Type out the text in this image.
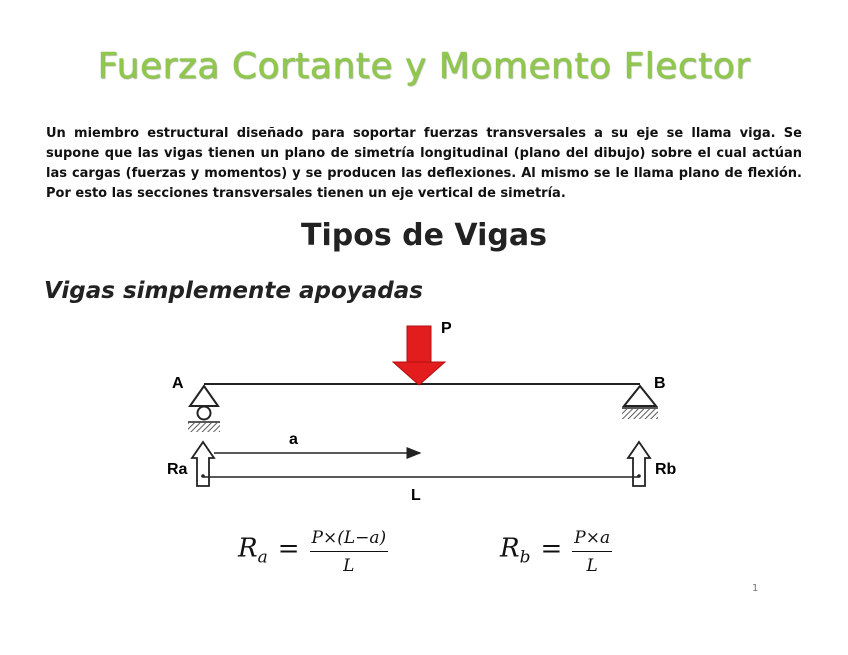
Fuerza Cortante y Momento Flector
Un miembro estructural diseñado para soportar fuerzas transversales a su eje se llama viga. Se supone que las vigas tienen un plano de simetría longitudinal (plano del dibujo) sobre el cual actúan las cargas (fuerzas y momentos) y se producen las deflexiones. Al mismo se le llama plano de flexión. Por esto las secciones transversales tienen un eje vertical de simetría.
Tipos de Vigas
Vigas simplemente apoyadas
P
A	B
Ra	Rb
a
L
$R_a = \frac{P\times(L-a)}{L}$	$R_b = \frac{P\times a}{L}$
1
